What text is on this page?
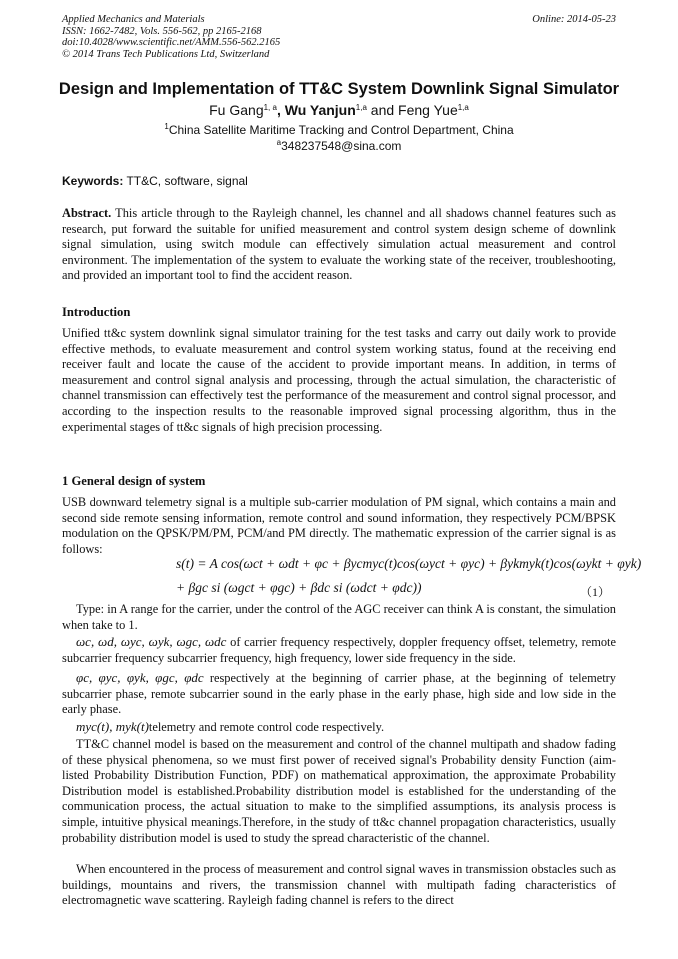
Applied Mechanics and Materials
ISSN: 1662-7482, Vols. 556-562, pp 2165-2168
doi:10.4028/www.scientific.net/AMM.556-562.2165
© 2014 Trans Tech Publications Ltd, Switzerland
Online: 2014-05-23
Design and Implementation of TT&C System Downlink Signal Simulator
Fu Gang$^{1, a}$, Wu Yanjun$^{1,a}$ and Feng Yue$^{1,a}$
$^1$China Satellite Maritime Tracking and Control Department, China
$^a$348237548@sina.com
Keywords: TT&C, software, signal
Abstract. This article through to the Rayleigh channel, les channel and all shadows channel features such as research, put forward the suitable for unified measurement and control system design scheme of downlink signal simulation, using switch module can effectively simulation actual measurement and control environment. The implementation of the system to evaluate the working state of the receiver, troubleshooting, and provided an important tool to find the accident reason.
Introduction
Unified tt&c system downlink signal simulator training for the test tasks and carry out daily work to provide effective methods, to evaluate measurement and control system working status, found at the receiving end receiver fault and locate the cause of the accident to provide important means. In addition, in terms of measurement and control signal analysis and processing, through the actual simulation, the characteristic of channel transmission can effectively test the performance of the measurement and control signal processor, and according to the inspection results to the reasonable improved signal processing algorithm, thus in the experimental stages of tt&c signals of high precision processing.
1 General design of system
USB downward telemetry signal is a multiple sub-carrier modulation of PM signal, which contains a main and second side remote sensing information, remote control and sound information, they respectively PCM/BPSK modulation on the QPSK/PM/PM, PCM/and PM directly. The mathematic expression of the carrier signal is as follows:
s(t) = A cos(ωct + ωdt + φc + βycmyc(t)cos(ωyct + φyc) + βykmyk(t)cos(ωykt + φyk)
+ βgc si (ωgct + φgc) + βdc si (ωdct + φdc))	（1）
Type: in A range for the carrier, under the control of the AGC receiver can think A is constant, the simulation when take to 1.
ωc, ωd, ωyc, ωyk, ωgc, ωdc of carrier frequency respectively, doppler frequency offset, telemetry, remote subcarrier frequency subcarrier frequency, high frequency, lower side frequency in the side.
φc, φyc, φyk, φgc, φdc respectively at the beginning of carrier phase, at the beginning of telemetry subcarrier phase, remote subcarrier sound in the early phase in the early phase, high side and low side in the early phase.
myc(t), myk(t)telemetry and remote control code respectively.
TT&C channel model is based on the measurement and control of the channel multipath and shadow fading of these physical phenomena, so we must first power of received signal's Probability density Function (aim-listed Probability Distribution Function, PDF) on mathematical approximation, the approximate Probability Distribution model is established.Probability distribution model is established for the understanding of the communication process, the actual situation to make to the simplified assumptions, its analysis process is simple, intuitive physical meanings.Therefore, in the study of tt&c channel propagation characteristics, usually probability distribution model is used to study the spread characteristic of the channel.
When encountered in the process of measurement and control signal waves in transmission obstacles such as buildings, mountains and rivers, the transmission channel with multipath fading characteristics of electromagnetic wave scattering. Rayleigh fading channel is refers to the direct
